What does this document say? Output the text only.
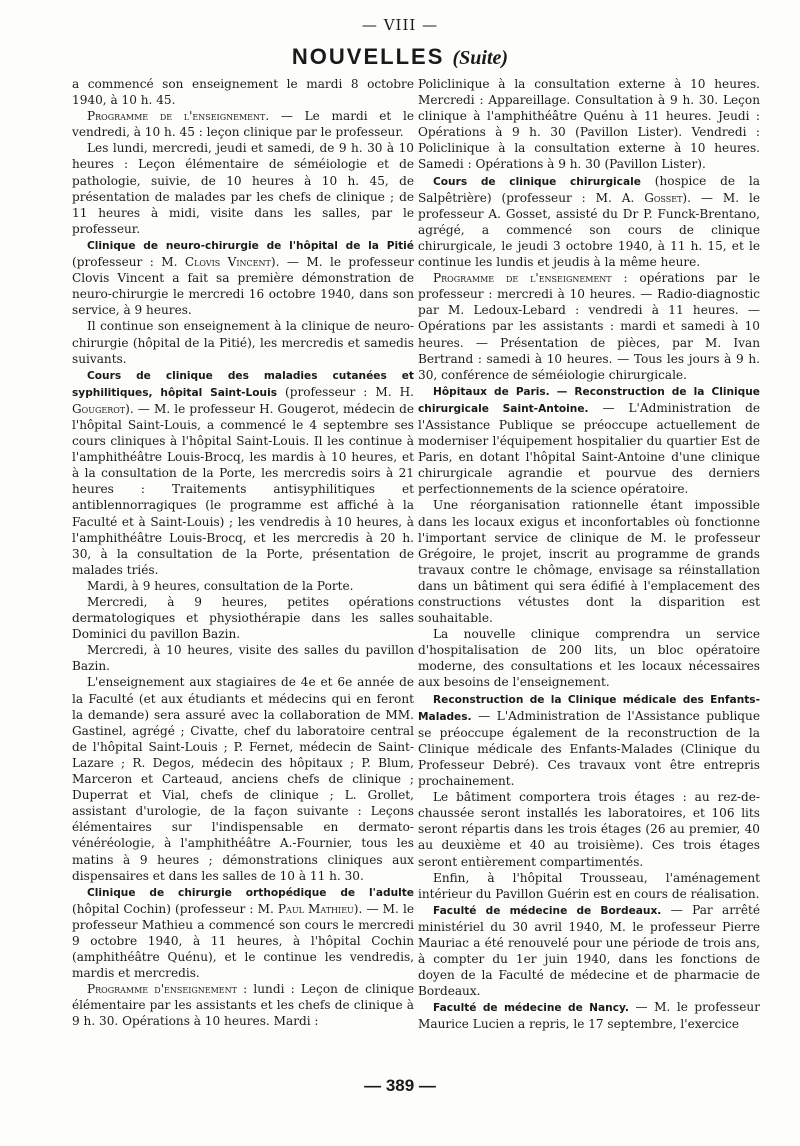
— VIII —
NOUVELLES (Suite)

a commencé son enseignement le mardi 8 octobre 1940, à 10 h. 45.

Programme de l'enseignement. — Le mardi et le vendredi, à 10 h. 45 : leçon clinique par le professeur.

Les lundi, mercredi, jeudi et samedi, de 9 h. 30 à 10 heures : Leçon élémentaire de séméiologie et de pathologie, suivie, de 10 heures à 10 h. 45, de présentation de malades par les chefs de clinique ; de 11 heures à midi, visite dans les salles, par le professeur.

Clinique de neuro-chirurgie de l'hôpital de la Pitié (professeur : M. Clovis Vincent). — M. le professeur Clovis Vincent a fait sa première démonstration de neuro-chirurgie le mercredi 16 octobre 1940, dans son service, à 9 heures.

Il continue son enseignement à la clinique de neuro-chirurgie (hôpital de la Pitié), les mercredis et samedis suivants.

Cours de clinique des maladies cutanées et syphilitiques, hôpital Saint-Louis (professeur : M. H. Gougerot). — M. le professeur H. Gougerot, médecin de l'hôpital Saint-Louis, a commencé le 4 septembre ses cours cliniques à l'hôpital Saint-Louis. Il les continue à l'amphithéâtre Louis-Brocq, les mardis à 10 heures, et à la consultation de la Porte, les mercredis soirs à 21 heures : Traitements antisyphilitiques et antiblennorragiques (le programme est affiché à la Faculté et à Saint-Louis) ; les vendredis à 10 heures, à l'amphithéâtre Louis-Brocq, et les mercredis à 20 h. 30, à la consultation de la Porte, présentation de malades triés.

Mardi, à 9 heures, consultation de la Porte.

Mercredi, à 9 heures, petites opérations dermatologiques et physiothérapie dans les salles Dominici du pavillon Bazin.

Mercredi, à 10 heures, visite des salles du pavillon Bazin.

L'enseignement aux stagiaires de 4e et 6e année de la Faculté (et aux étudiants et médecins qui en feront la demande) sera assuré avec la collaboration de MM. Gastinel, agrégé ; Civatte, chef du laboratoire central de l'hôpital Saint-Louis ; P. Fernet, médecin de Saint-Lazare ; R. Degos, médecin des hôpitaux ; P. Blum, Marceron et Carteaud, anciens chefs de clinique ; Duperrat et Vial, chefs de clinique ; L. Grollet, assistant d'urologie, de la façon suivante : Leçons élémentaires sur l'indispensable en dermato-vénéréologie, à l'amphithéâtre A.-Fournier, tous les matins à 9 heures ; démonstrations cliniques aux dispensaires et dans les salles de 10 à 11 h. 30.

Clinique de chirurgie orthopédique de l'adulte (hôpital Cochin) (professeur : M. Paul Mathieu). — M. le professeur Mathieu a commencé son cours le mercredi 9 octobre 1940, à 11 heures, à l'hôpital Cochin (amphithéâtre Quénu), et le continue les vendredis, mardis et mercredis.

Programme d'enseignement : lundi : Leçon de clinique élémentaire par les assistants et les chefs de clinique à 9 h. 30. Opérations à 10 heures. Mardi :

Policlinique à la consultation externe à 10 heures. Mercredi : Appareillage. Consultation à 9 h. 30. Leçon clinique à l'amphithéâtre Quénu à 11 heures. Jeudi : Opérations à 9 h. 30 (Pavillon Lister). Vendredi : Policlinique à la consultation externe à 10 heures. Samedi : Opérations à 9 h. 30 (Pavillon Lister).

Cours de clinique chirurgicale (hospice de la Salpêtrière) (professeur : M. A. Gosset). — M. le professeur A. Gosset, assisté du Dr P. Funck-Brentano, agrégé, a commencé son cours de clinique chirurgicale, le jeudi 3 octobre 1940, à 11 h. 15, et le continue les lundis et jeudis à la même heure.

Programme de l'enseignement : opérations par le professeur : mercredi à 10 heures. — Radio-diagnostic par M. Ledoux-Lebard : vendredi à 11 heures. — Opérations par les assistants : mardi et samedi à 10 heures. — Présentation de pièces, par M. Ivan Bertrand : samedi à 10 heures. — Tous les jours à 9 h. 30, conférence de séméiologie chirurgicale.

Hôpitaux de Paris. — Reconstruction de la Clinique chirurgicale Saint-Antoine. — L'Administration de l'Assistance Publique se préoccupe actuellement de moderniser l'équipement hospitalier du quartier Est de Paris, en dotant l'hôpital Saint-Antoine d'une clinique chirurgicale agrandie et pourvue des derniers perfectionnements de la science opératoire.

Une réorganisation rationnelle étant impossible dans les locaux exigus et inconfortables où fonctionne l'important service de clinique de M. le professeur Grégoire, le projet, inscrit au programme de grands travaux contre le chômage, envisage sa réinstallation dans un bâtiment qui sera édifié à l'emplacement des constructions vétustes dont la disparition est souhaitable.

La nouvelle clinique comprendra un service d'hospitalisation de 200 lits, un bloc opératoire moderne, des consultations et les locaux nécessaires aux besoins de l'enseignement.

Reconstruction de la Clinique médicale des Enfants-Malades. — L'Administration de l'Assistance publique se préoccupe également de la reconstruction de la Clinique médicale des Enfants-Malades (Clinique du Professeur Debré). Ces travaux vont être entrepris prochainement.

Le bâtiment comportera trois étages : au rez-de-chaussée seront installés les laboratoires, et 106 lits seront répartis dans les trois étages (26 au premier, 40 au deuxième et 40 au troisième). Ces trois étages seront entièrement compartimentés.

Enfin, à l'hôpital Trousseau, l'aménagement intérieur du Pavillon Guérin est en cours de réalisation.

Faculté de médecine de Bordeaux. — Par arrêté ministériel du 30 avril 1940, M. le professeur Pierre Mauriac a été renouvelé pour une période de trois ans, à compter du 1er juin 1940, dans les fonctions de doyen de la Faculté de médecine et de pharmacie de Bordeaux.

Faculté de médecine de Nancy. — M. le professeur Maurice Lucien a repris, le 17 septembre, l'exercice

— 389 —
